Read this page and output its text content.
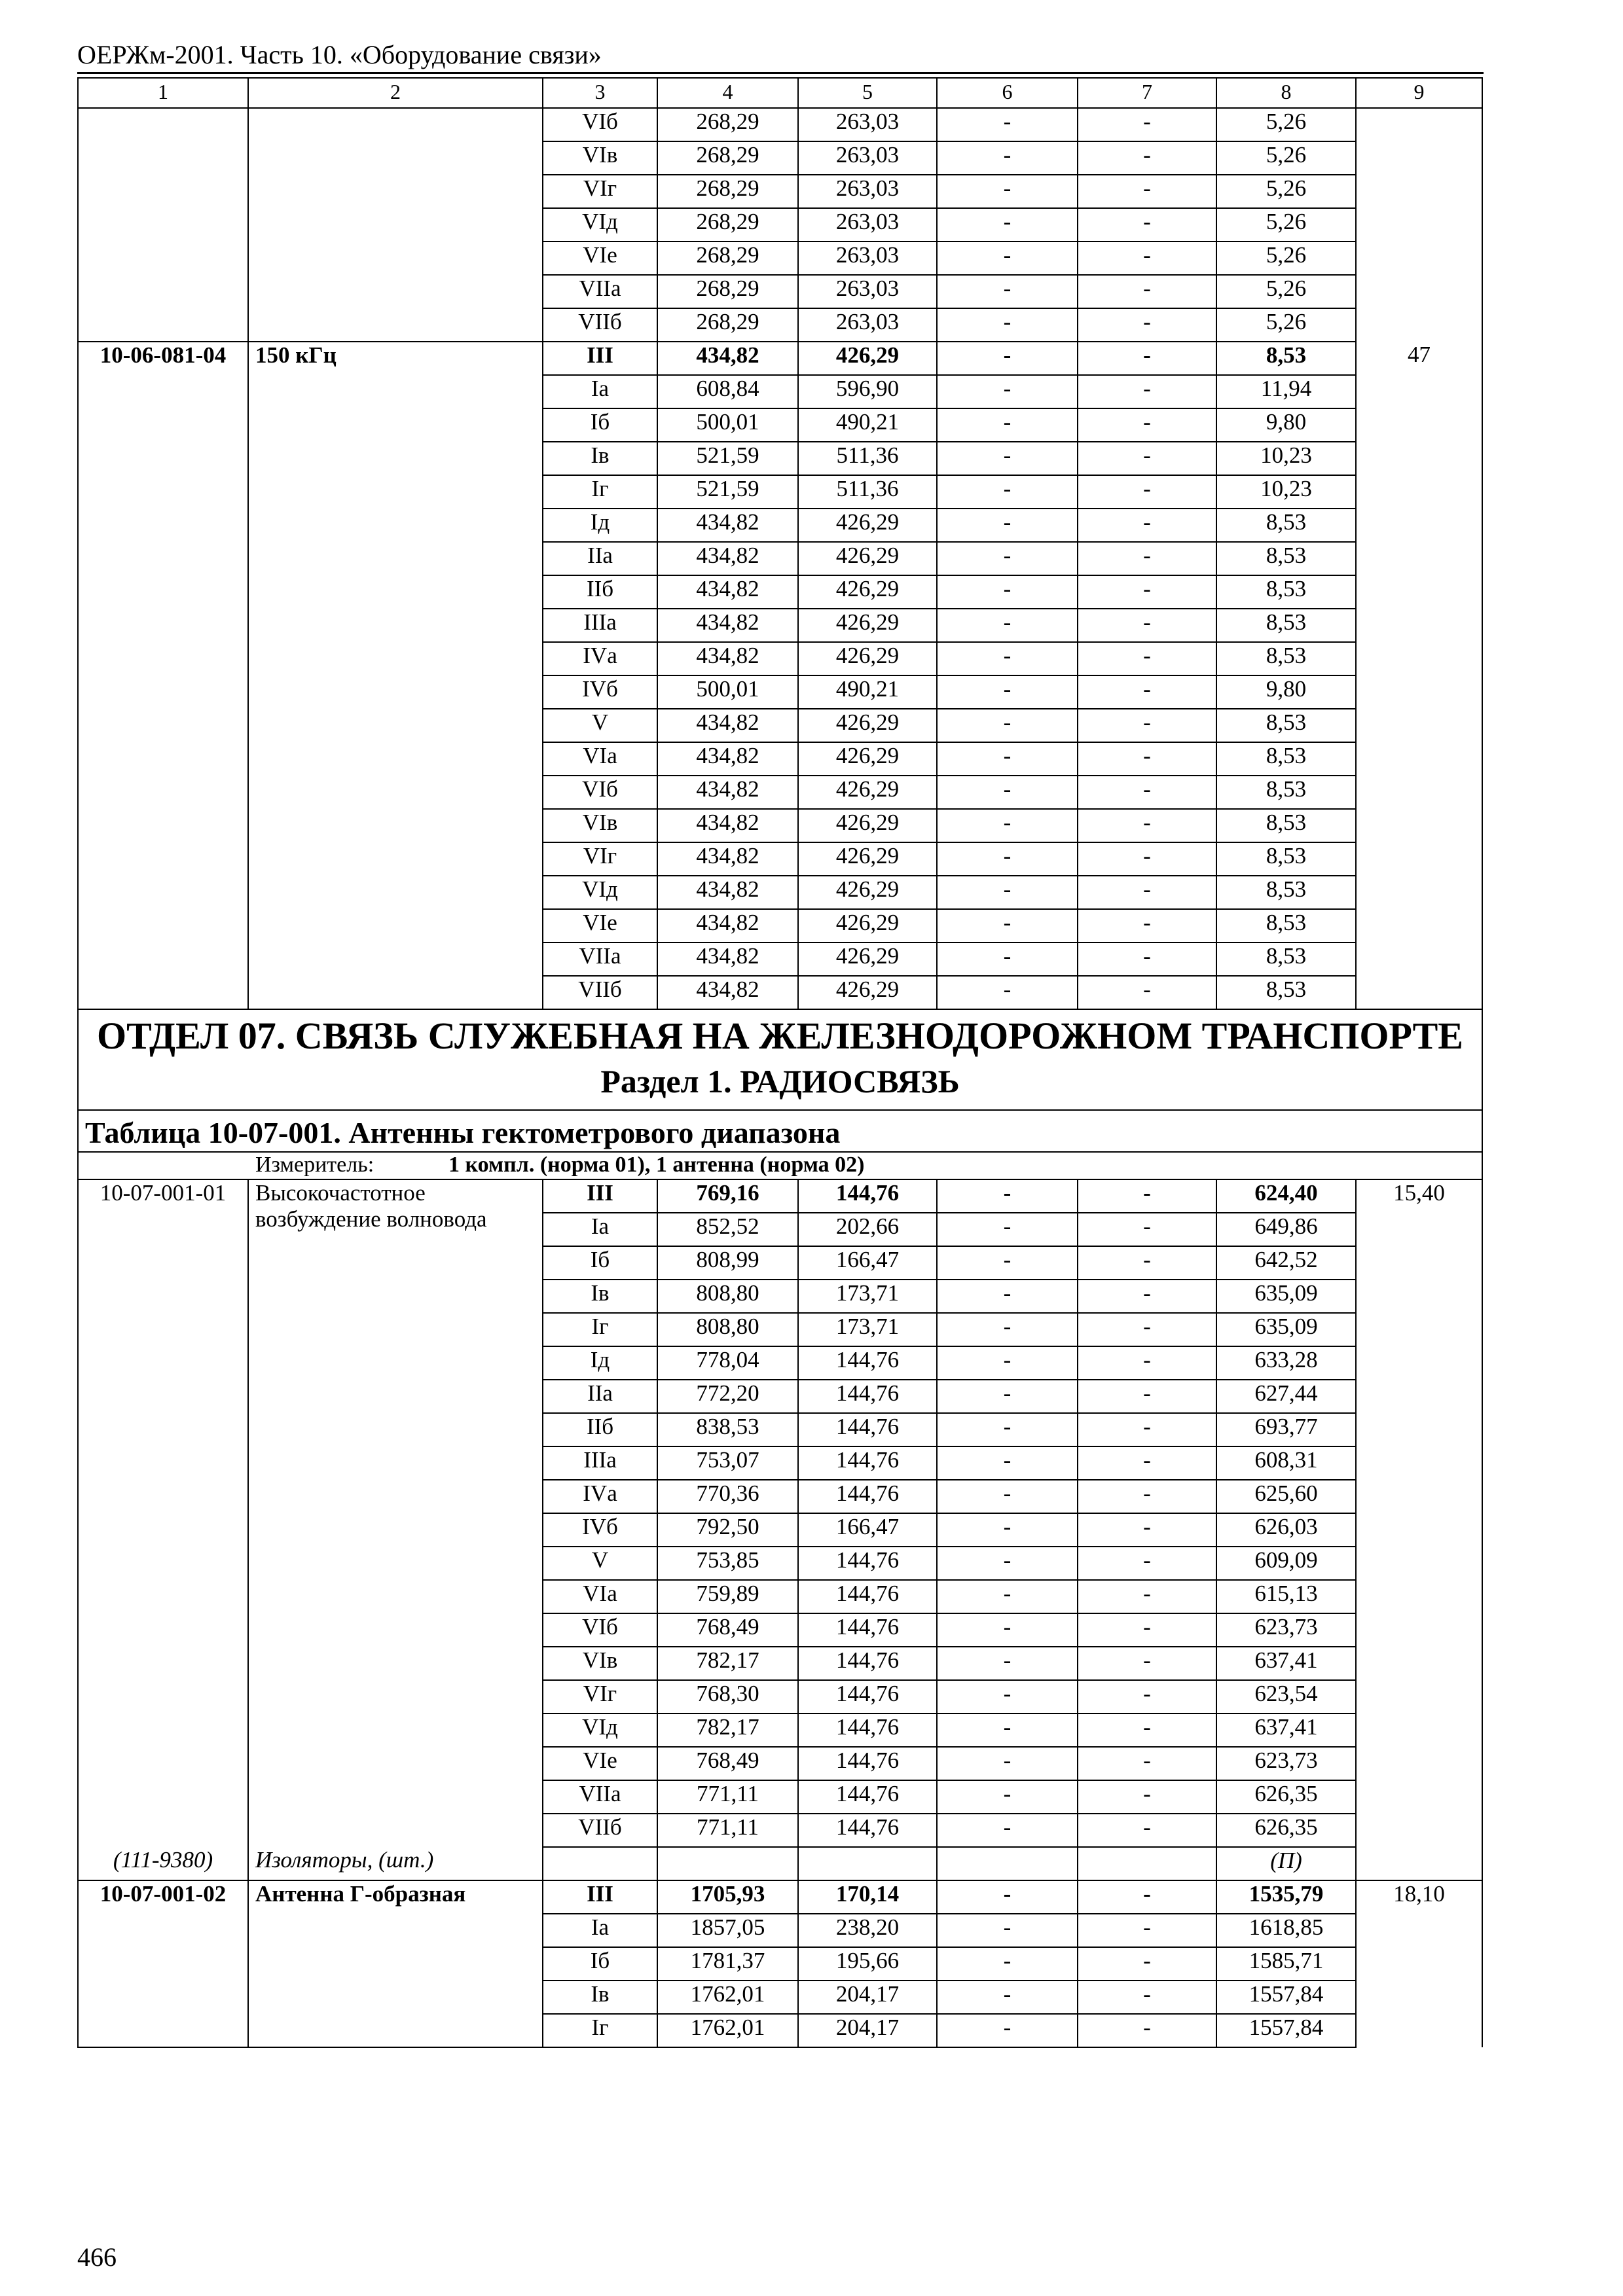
ОЕРЖм-2001. Часть 10. «Оборудование связи»
1	2	3	4	5	6	7	8	9
		VIб	268,29	263,03	-	-	5,26	
		VIв	268,29	263,03	-	-	5,26	
		VIг	268,29	263,03	-	-	5,26	
		VIд	268,29	263,03	-	-	5,26	
		VIе	268,29	263,03	-	-	5,26	
		VIIа	268,29	263,03	-	-	5,26	
		VIIб	268,29	263,03	-	-	5,26	
10-06-081-04	150 кГц	III	434,82	426,29	-	-	8,53	47
		Iа	608,84	596,90	-	-	11,94	
		Iб	500,01	490,21	-	-	9,80	
		Iв	521,59	511,36	-	-	10,23	
		Iг	521,59	511,36	-	-	10,23	
		Iд	434,82	426,29	-	-	8,53	
		IIа	434,82	426,29	-	-	8,53	
		IIб	434,82	426,29	-	-	8,53	
		IIIа	434,82	426,29	-	-	8,53	
		IVа	434,82	426,29	-	-	8,53	
		IVб	500,01	490,21	-	-	9,80	
		V	434,82	426,29	-	-	8,53	
		VIа	434,82	426,29	-	-	8,53	
		VIб	434,82	426,29	-	-	8,53	
		VIв	434,82	426,29	-	-	8,53	
		VIг	434,82	426,29	-	-	8,53	
		VIд	434,82	426,29	-	-	8,53	
		VIе	434,82	426,29	-	-	8,53	
		VIIа	434,82	426,29	-	-	8,53	
		VIIб	434,82	426,29	-	-	8,53	

ОТДЕЛ 07. СВЯЗЬ СЛУЖЕБНАЯ НА ЖЕЛЕЗНОДОРОЖНОМ ТРАНСПОРТЕ
Раздел 1. РАДИОСВЯЗЬ								

Таблица 10-07-001. Антенны гектометрового диапазона								
Измеритель: 1 компл. (норма 01), 1 антенна (норма 02)								
10-07-001-01	Высокочастотное возбуждение волновода	III	769,16	144,76	-	-	624,40	15,40
		Iа	852,52	202,66	-	-	649,86	
		Iб	808,99	166,47	-	-	642,52	
		Iв	808,80	173,71	-	-	635,09	
		Iг	808,80	173,71	-	-	635,09	
		Iд	778,04	144,76	-	-	633,28	
		IIа	772,20	144,76	-	-	627,44	
		IIб	838,53	144,76	-	-	693,77	
		IIIа	753,07	144,76	-	-	608,31	
		IVа	770,36	144,76	-	-	625,60	
		IVб	792,50	166,47	-	-	626,03	
		V	753,85	144,76	-	-	609,09	
		VIа	759,89	144,76	-	-	615,13	
		VIб	768,49	144,76	-	-	623,73	
		VIв	782,17	144,76	-	-	637,41	
		VIг	768,30	144,76	-	-	623,54	
		VIд	782,17	144,76	-	-	637,41	
		VIе	768,49	144,76	-	-	623,73	
		VIIа	771,11	144,76	-	-	626,35	
		VIIб	771,11	144,76	-	-	626,35	
(111-9380)	Изоляторы, (шт.)						(П)	
10-07-001-02	Антенна Г-образная	III	1705,93	170,14	-	-	1535,79	18,10
		Iа	1857,05	238,20	-	-	1618,85	
		Iб	1781,37	195,66	-	-	1585,71	
		Iв	1762,01	204,17	-	-	1557,84	
		Iг	1762,01	204,17	-	-	1557,84	
466
